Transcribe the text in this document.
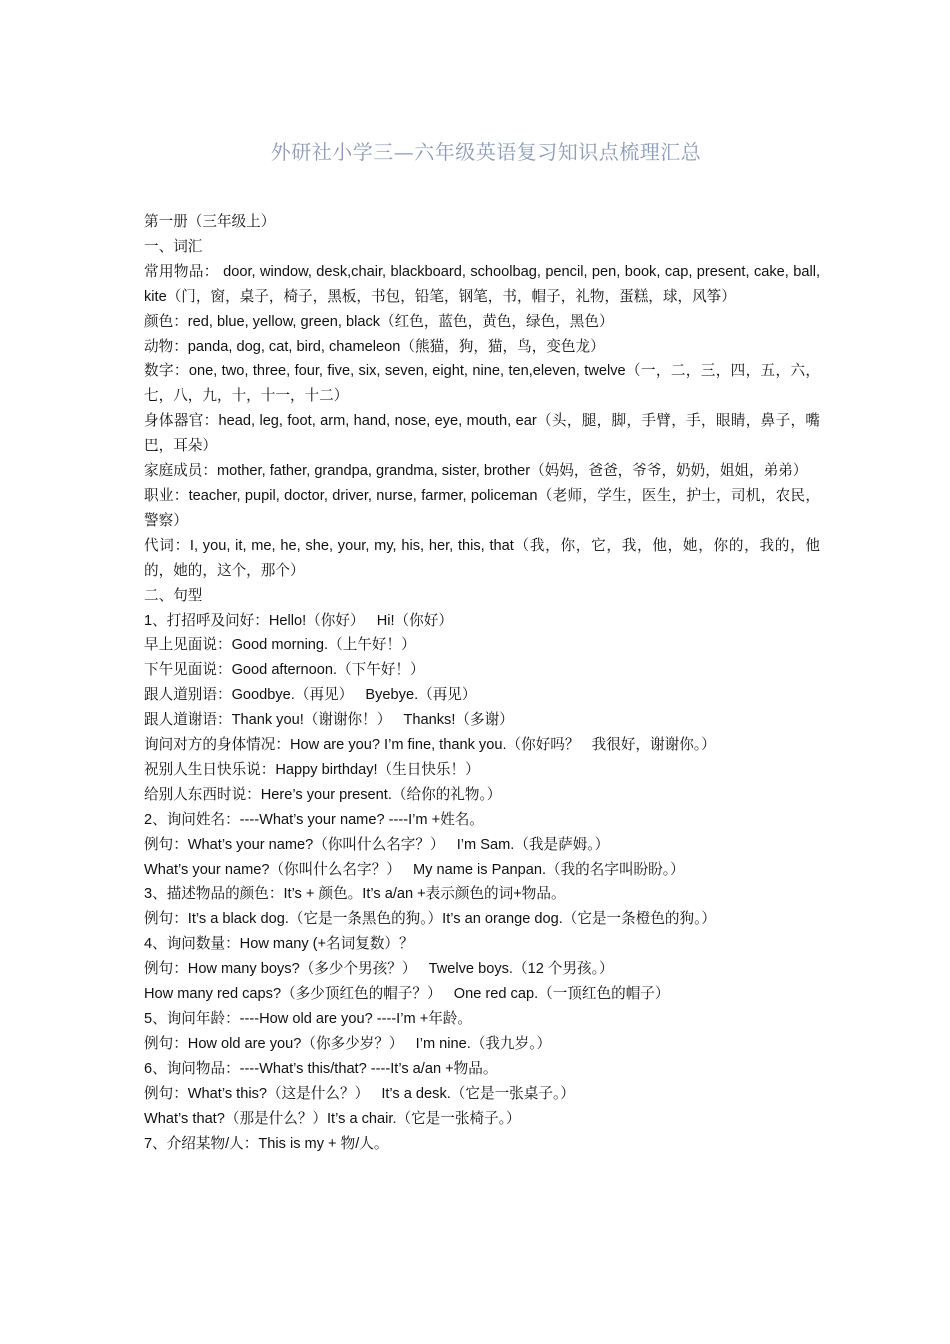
外研社小学三—六年级英语复习知识点梳理汇总
第一册（三年级上）
一、词汇
常用物品： door, window, desk,chair, blackboard, schoolbag, pencil, pen, book, cap, present, cake, ball, kite（门，窗，桌子，椅子，黑板，书包，铅笔，钢笔，书，帽子，礼物，蛋糕，球，风筝）
颜色：red, blue, yellow, green, black（红色，蓝色，黄色，绿色，黑色）
动物：panda, dog, cat, bird, chameleon（熊猫，狗，猫，鸟，变色龙）
数字：one, two, three, four, five, six, seven, eight, nine, ten,eleven, twelve（一，二，三，四，五，六，七，八，九，十，十一，十二）
身体器官：head, leg, foot, arm, hand, nose, eye, mouth, ear（头，腿，脚，手臂，手，眼睛，鼻子，嘴巴，耳朵）
家庭成员：mother, father, grandpa, grandma, sister, brother（妈妈，爸爸，爷爷，奶奶，姐姐，弟弟）
职业：teacher, pupil, doctor, driver, nurse, farmer, policeman（老师，学生，医生，护士，司机，农民，警察）
代词：I, you, it, me, he, she, your, my, his, her, this, that（我，你，它，我，他，她，你的，我的，他的，她的，这个，那个）
二、句型
1、打招呼及问好：Hello!（你好）   Hi!（你好）
早上见面说：Good morning.（上午好！）
下午见面说：Good afternoon.（下午好！）
跟人道别语：Goodbye.（再见）   Byebye.（再见）
跟人道谢语：Thank you!（谢谢你！）   Thanks!（多谢）
询问对方的身体情况：How are you? I’m fine, thank you.（你好吗？   我很好，谢谢你。）
祝别人生日快乐说：Happy birthday!（生日快乐！）
给别人东西时说：Here’s your present.（给你的礼物。）
2、询问姓名：----What’s your name? ----I’m +姓名。
例句：What’s your name?（你叫什么名字？）   I’m Sam.（我是萨姆。）
What’s your name?（你叫什么名字？）   My name is Panpan.（我的名字叫盼盼。）
3、描述物品的颜色：It’s + 颜色。It’s a/an +表示颜色的词+物品。
例句：It’s a black dog.（它是一条黑色的狗。）It’s an orange dog.（它是一条橙色的狗。）
4、询问数量：How many (+名词复数）？
例句：How many boys?（多少个男孩？）   Twelve boys.（12 个男孩。）
How many red caps?（多少顶红色的帽子？）   One red cap.（一顶红色的帽子）
5、询问年龄：----How old are you? ----I’m +年龄。
例句：How old are you?（你多少岁？）   I’m nine.（我九岁。）
6、询问物品：----What’s this/that? ----It’s a/an +物品。
例句：What’s this?（这是什么？）   It’s a desk.（它是一张桌子。）
What’s that?（那是什么？）It’s a chair.（它是一张椅子。）
7、介绍某物/人：This is my + 物/人。
